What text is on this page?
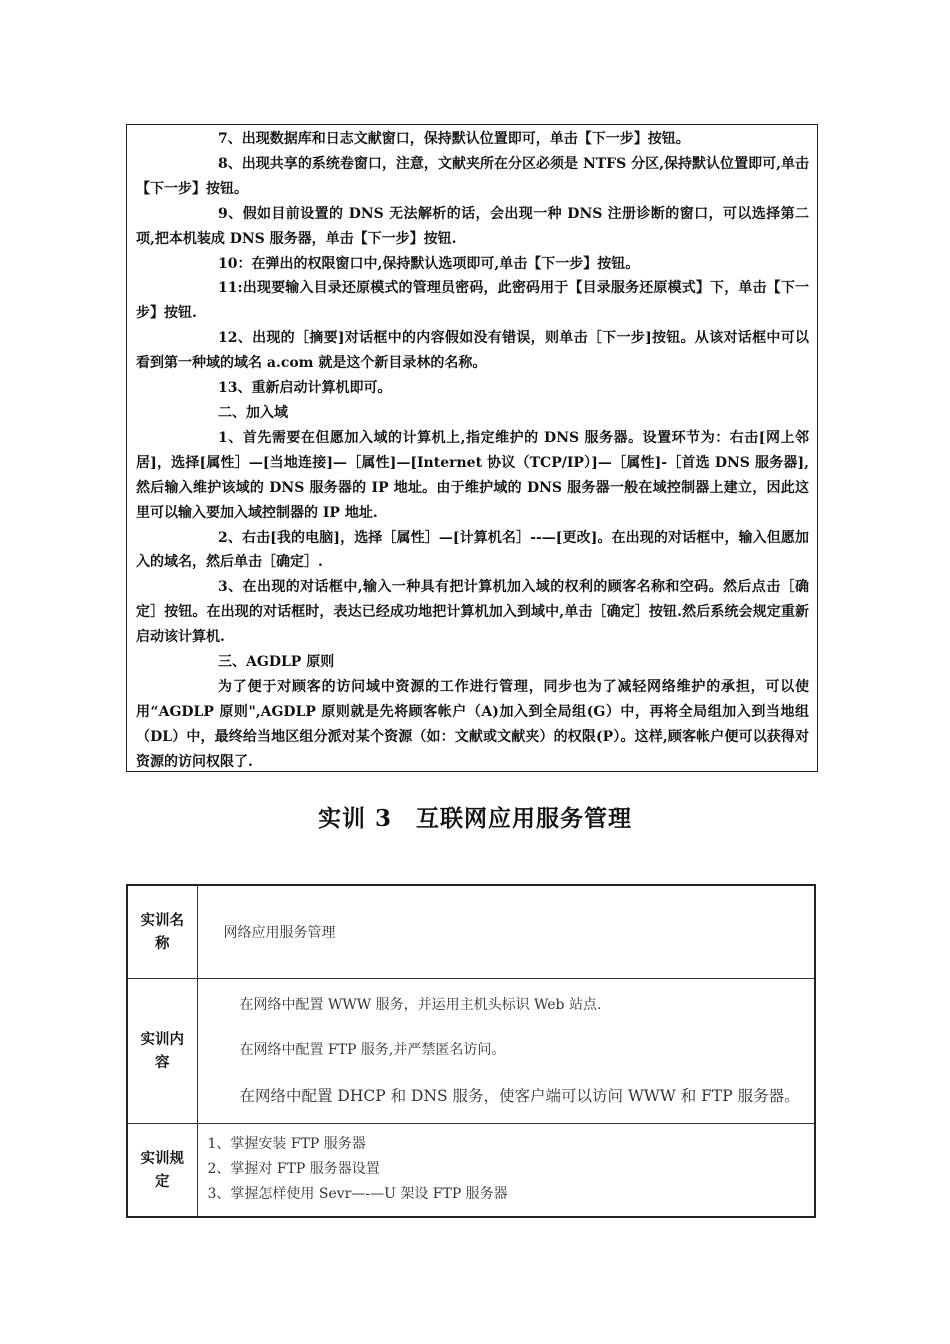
7、出现数据库和日志文献窗口，保持默认位置即可，单击【下一步】按钮。

8、出现共享的系统卷窗口，注意，文献夹所在分区必须是 NTFS 分区,保持默认位置即可,单击【下一步】按钮。

9、假如目前设置的 DNS 无法解析的话，会出现一种 DNS 注册诊断的窗口，可以选择第二项,把本机装成 DNS 服务器，单击【下一步】按钮.

10：在弹出的权限窗口中,保持默认选项即可,单击【下一步】按钮。

11:出现要输入目录还原模式的管理员密码，此密码用于【目录服务还原模式】下，单击【下一步】按钮.

12、出现的［摘要]对话框中的内容假如没有错误，则单击［下一步]按钮。从该对话框中可以看到第一种域的域名 a.com 就是这个新目录林的名称。

13、重新启动计算机即可。

二、加入域

1、首先需要在但愿加入域的计算机上,指定维护的 DNS 服务器。设置环节为：右击[网上邻居]，选择[属性］—[当地连接]—［属性]—[Internet 协议（TCP/IP）]—［属性]-［首选 DNS 服务器],然后输入维护该域的 DNS 服务器的 IP 地址。由于维护域的 DNS 服务器一般在域控制器上建立，因此这里可以输入要加入域控制器的 IP 地址.

2、右击[我的电脑]，选择［属性］—[计算机名］--—[更改]。在出现的对话框中，输入但愿加入的域名，然后单击［确定］.

3、在出现的对话框中,输入一种具有把计算机加入域的权利的顾客名称和空码。然后点击［确定］按钮。在出现的对话框时，表达已经成功地把计算机加入到域中,单击［确定］按钮.然后系统会规定重新启动该计算机.

三、AGDLP 原则

为了便于对顾客的访问域中资源的工作进行管理，同步也为了减轻网络维护的承担，可以使用“AGDLP 原则",AGDLP 原则就是先将顾客帐户（A)加入到全局组(G）中，再将全局组加入到当地组（DL）中，最终给当地区组分派对某个资源（如：文献或文献夹）的权限(P）。这样,顾客帐户便可以获得对资源的访问权限了.

实训 3　互联网应用服务管理
实训名称	网络应用服务管理
实训内容	在网络中配置 WWW 服务，并运用主机头标识 Web 站点.
在网络中配置 FTP 服务,并严禁匿名访问。
在网络中配置 DHCP 和 DNS 服务，使客户端可以访问 WWW 和 FTP 服务器。

实训规定	1、掌握安装 FTP 服务器
2、掌握对 FTP 服务器设置
3、掌握怎样使用 Sevr—-—U 架设 FTP 服务器
